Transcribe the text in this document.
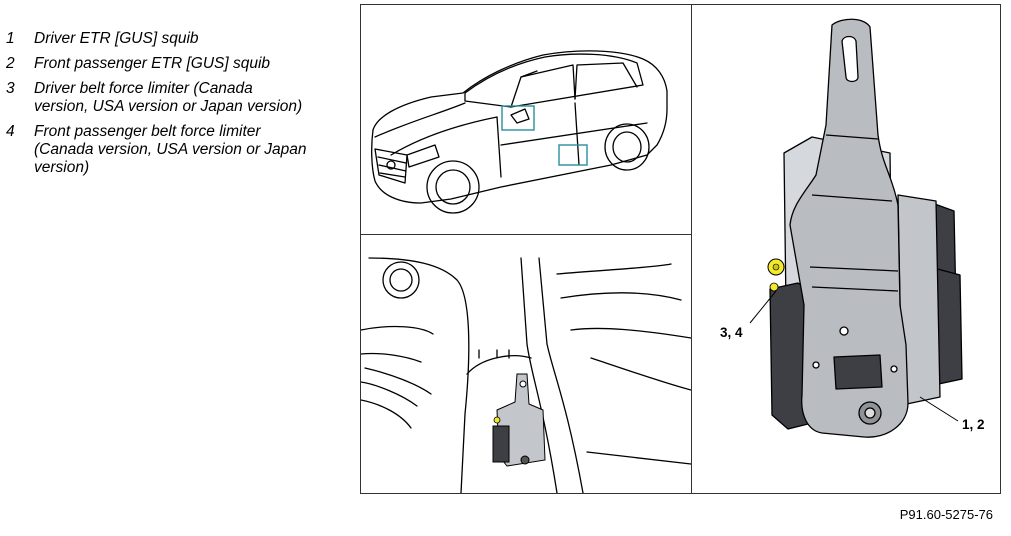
1 Driver ETR [GUS] squib
2 Front passenger ETR [GUS] squib
3 Driver belt force limiter (Canada
version, USA version or Japan version)
4 Front passenger belt force limiter
(Canada version, USA version or Japan
version)
3, 4
1, 2
P91.60-5275-76
